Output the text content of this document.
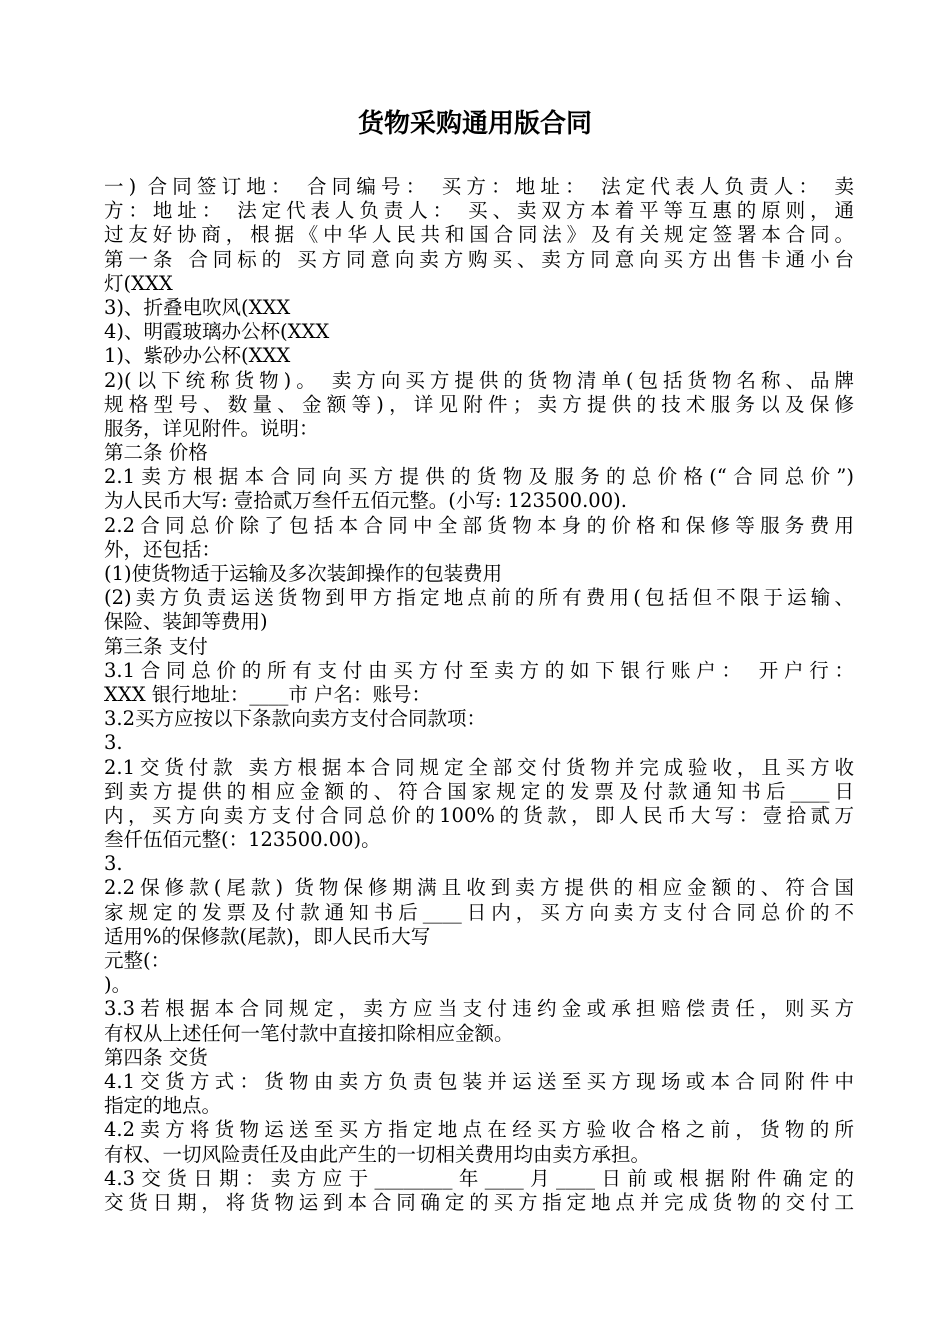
货物采购通用版合同
一) 合同签订地： 合同编号： 买方：地址： 法定代表人负责人： 卖
方：地址： 法定代表人负责人： 买、卖双方本着平等互惠的原则，通
过友好协商，根据《中华人民共和国合同法》及有关规定签署本合同。
第一条 合同标的 买方同意向卖方购买、卖方同意向买方出售卡通小台
灯(XXX
3)、折叠电吹风(XXX
4)、明霞玻璃办公杯(XXX
1)、紫砂办公杯(XXX
2)(以下统称货物)。 卖方向买方提供的货物清单(包括货物名称、品牌
规格型号、数量、金额等)，详见附件；卖方提供的技术服务以及保修
服务，详见附件。说明：
第二条 价格
2.1卖方根据本合同向买方提供的货物及服务的总价格(“合同总价”)
为人民币大写: 壹拾贰万叁仟五佰元整。(小写: 123500.00).
2.2合同总价除了包括本合同中全部货物本身的价格和保修等服务费用
外，还包括：
(1)使货物适于运输及多次装卸操作的包装费用
(2)卖方负责运送货物到甲方指定地点前的所有费用(包括但不限于运输、
保险、装卸等费用)
第三条 支付
3.1合同总价的所有支付由买方付至卖方的如下银行账户： 开户行：
XXX 银行地址：____市 户名：账号：
3.2买方应按以下条款向卖方支付合同款项：
3.
2.1交货付款 卖方根据本合同规定全部交付货物并完成验收，且买方收
到卖方提供的相应金额的、符合国家规定的发票及付款通知书后____日
内，买方向卖方支付合同总价的100%的货款，即人民币大写：壹拾贰万
叁仟伍佰元整(：123500.00)。
3.
2.2保修款(尾款) 货物保修期满且收到卖方提供的相应金额的、符合国
家规定的发票及付款通知书后____日内，买方向卖方支付合同总价的不
适用%的保修款(尾款)，即人民币大写
元整(：
)。
3.3若根据本合同规定，卖方应当支付违约金或承担赔偿责任，则买方
有权从上述任何一笔付款中直接扣除相应金额。
第四条 交货
4.1交货方式：货物由卖方负责包装并运送至买方现场或本合同附件中
指定的地点。
4.2卖方将货物运送至买方指定地点在经买方验收合格之前，货物的所
有权、一切风险责任及由此产生的一切相关费用均由卖方承担。
4.3交货日期：卖方应于________年____月____日前或根据附件确定的
交货日期，将货物运到本合同确定的买方指定地点并完成货物的交付工
